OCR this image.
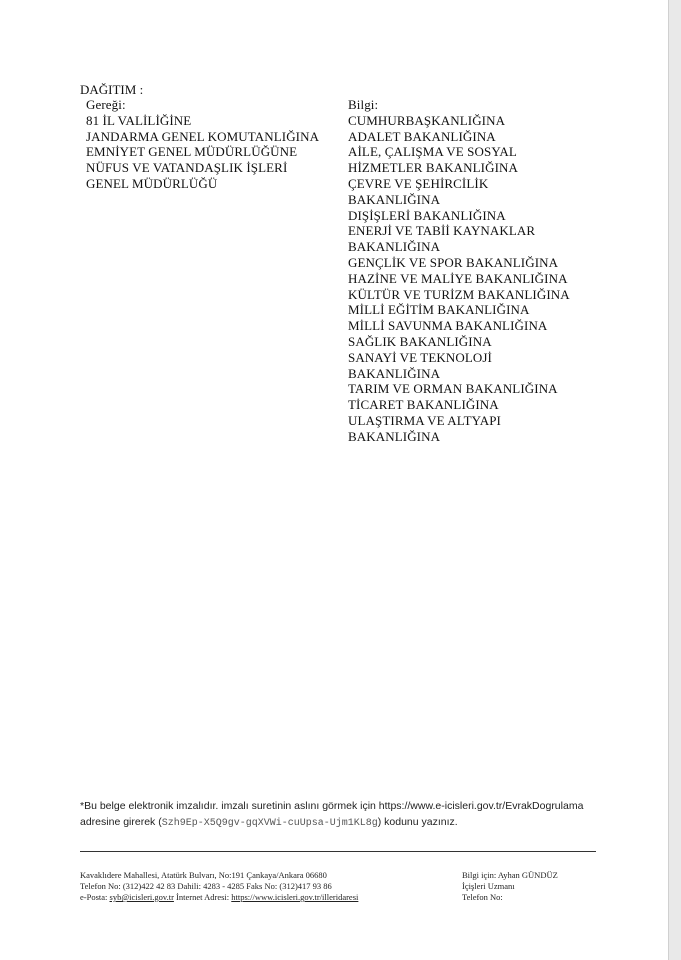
DAĞITIM :
Gereği:
81 İL VALİLİĞİNE
JANDARMA GENEL KOMUTANLIĞINA
EMNİYET GENEL MÜDÜRLÜĞÜNE
NÜFUS VE VATANDAŞLIK İŞLERİ
GENEL MÜDÜRLÜĞÜ
Bilgi:
CUMHURBAŞKANLIĞINA
ADALET BAKANLIĞINA
AİLE, ÇALIŞMA VE SOSYAL
HİZMETLER BAKANLIĞINA
ÇEVRE VE ŞEHİRCİLİK
BAKANLIĞINA
DIŞİŞLERİ BAKANLIĞINA
ENERJİ VE TABİİ KAYNAKLAR
BAKANLIĞINA
GENÇLİK VE SPOR BAKANLIĞINA
HAZİNE VE MALİYE BAKANLIĞINA
KÜLTÜR VE TURİZM BAKANLIĞINA
MİLLİ EĞİTİM BAKANLIĞINA
MİLLİ SAVUNMA BAKANLIĞINA
SAĞLIK BAKANLIĞINA
SANAYİ VE TEKNOLOJİ
BAKANLIĞINA
TARIM VE ORMAN BAKANLIĞINA
TİCARET BAKANLIĞINA
ULAŞTIRMA VE ALTYAPI
BAKANLIĞINA
*Bu belge elektronik imzalıdır. imzalı suretinin aslını görmek için https://www.e-icisleri.gov.tr/EvrakDogrulama
adresine girerek (Szh9Ep-X5Q9gv-gqXVWi-cuUpsa-Ujm1KL8g) kodunu yazınız.
Kavaklıdere Mahallesi, Atatürk Bulvarı, No:191 Çankaya/Ankara 06680
Telefon No: (312)422 42 83 Dahili: 4283 - 4285 Faks No: (312)417 93 86
e-Posta: syb@icisleri.gov.tr İnternet Adresi: https://www.icisleri.gov.tr/illeridaresi
Bilgi için: Ayhan GÜNDÜZ
İçişleri Uzmanı
Telefon No:
